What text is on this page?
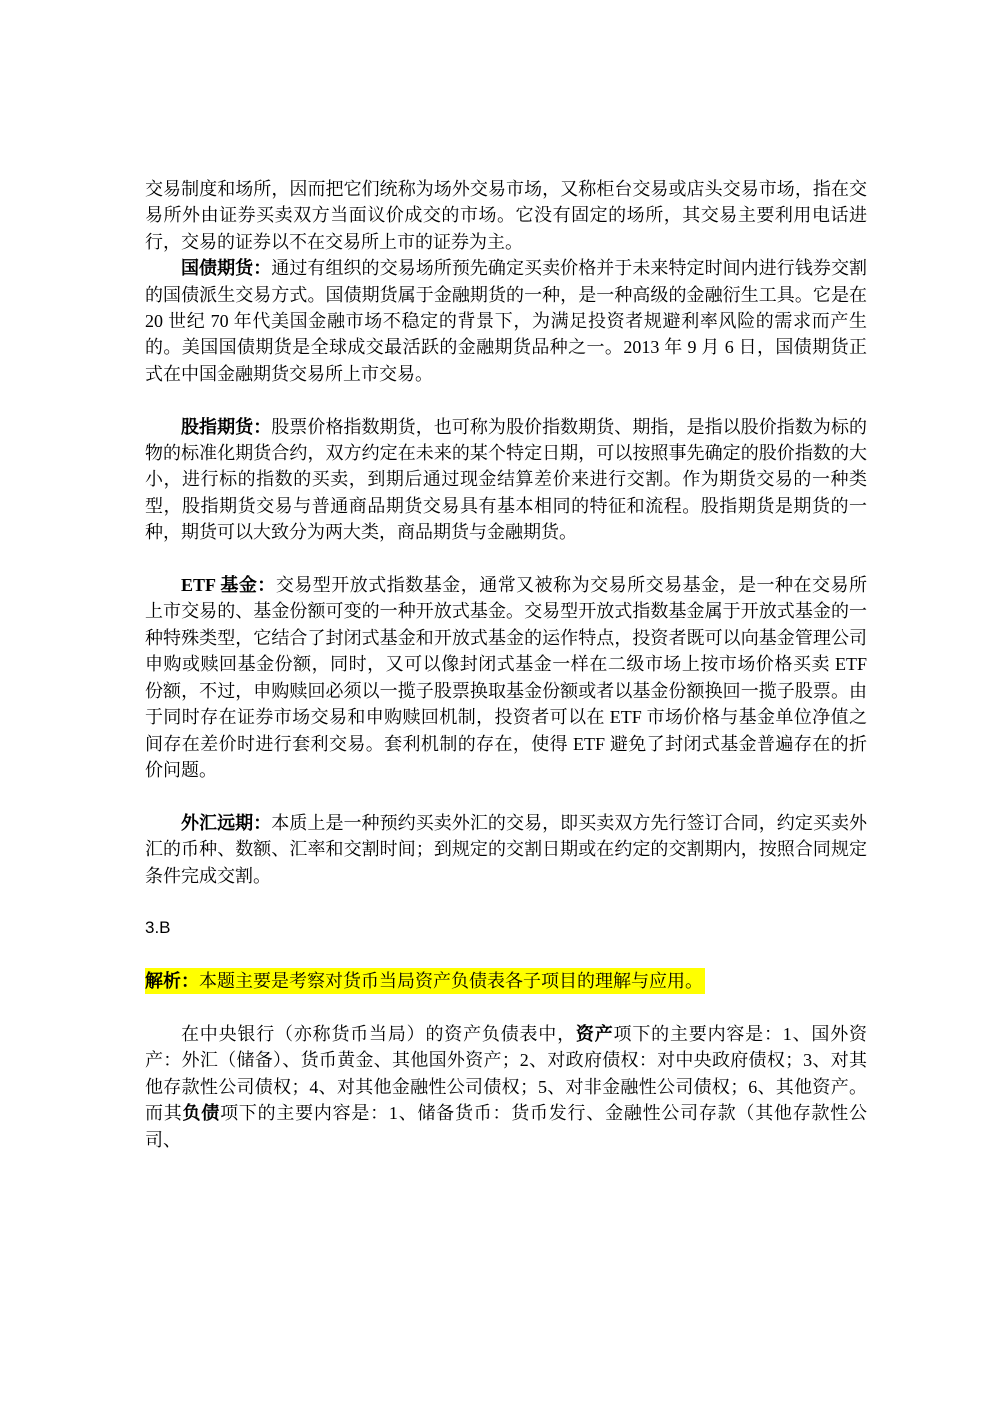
交易制度和场所，因而把它们统称为场外交易市场，又称柜台交易或店头交易市场，指在交易所外由证券买卖双方当面议价成交的市场。它没有固定的场所，其交易主要利用电话进行，交易的证券以不在交易所上市的证券为主。

国债期货：通过有组织的交易场所预先确定买卖价格并于未来特定时间内进行钱券交割的国债派生交易方式。国债期货属于金融期货的一种，是一种高级的金融衍生工具。它是在 20 世纪 70 年代美国金融市场不稳定的背景下，为满足投资者规避利率风险的需求而产生的。美国国债期货是全球成交最活跃的金融期货品种之一。2013 年 9 月 6 日，国债期货正式在中国金融期货交易所上市交易。

股指期货：股票价格指数期货，也可称为股价指数期货、期指，是指以股价指数为标的物的标准化期货合约，双方约定在未来的某个特定日期，可以按照事先确定的股价指数的大小，进行标的指数的买卖，到期后通过现金结算差价来进行交割。作为期货交易的一种类型，股指期货交易与普通商品期货交易具有基本相同的特征和流程。股指期货是期货的一种，期货可以大致分为两大类，商品期货与金融期货。

ETF 基金：交易型开放式指数基金，通常又被称为交易所交易基金，是一种在交易所上市交易的、基金份额可变的一种开放式基金。交易型开放式指数基金属于开放式基金的一种特殊类型，它结合了封闭式基金和开放式基金的运作特点，投资者既可以向基金管理公司申购或赎回基金份额，同时，又可以像封闭式基金一样在二级市场上按市场价格买卖 ETF 份额，不过，申购赎回必须以一揽子股票换取基金份额或者以基金份额换回一揽子股票。由于同时存在证券市场交易和申购赎回机制，投资者可以在 ETF 市场价格与基金单位净值之间存在差价时进行套利交易。套利机制的存在，使得 ETF 避免了封闭式基金普遍存在的折价问题。

外汇远期：本质上是一种预约买卖外汇的交易，即买卖双方先行签订合同，约定买卖外汇的币种、数额、汇率和交割时间；到规定的交割日期或在约定的交割期内，按照合同规定条件完成交割。

3.B

解析：本题主要是考察对货币当局资产负债表各子项目的理解与应用。

在中央银行（亦称货币当局）的资产负债表中，资产项下的主要内容是：1、国外资产：外汇（储备）、货币黄金、其他国外资产；2、对政府债权：对中央政府债权；3、对其他存款性公司债权；4、对其他金融性公司债权；5、对非金融性公司债权；6、其他资产。而其负债项下的主要内容是：1、储备货币：货币发行、金融性公司存款（其他存款性公司、
